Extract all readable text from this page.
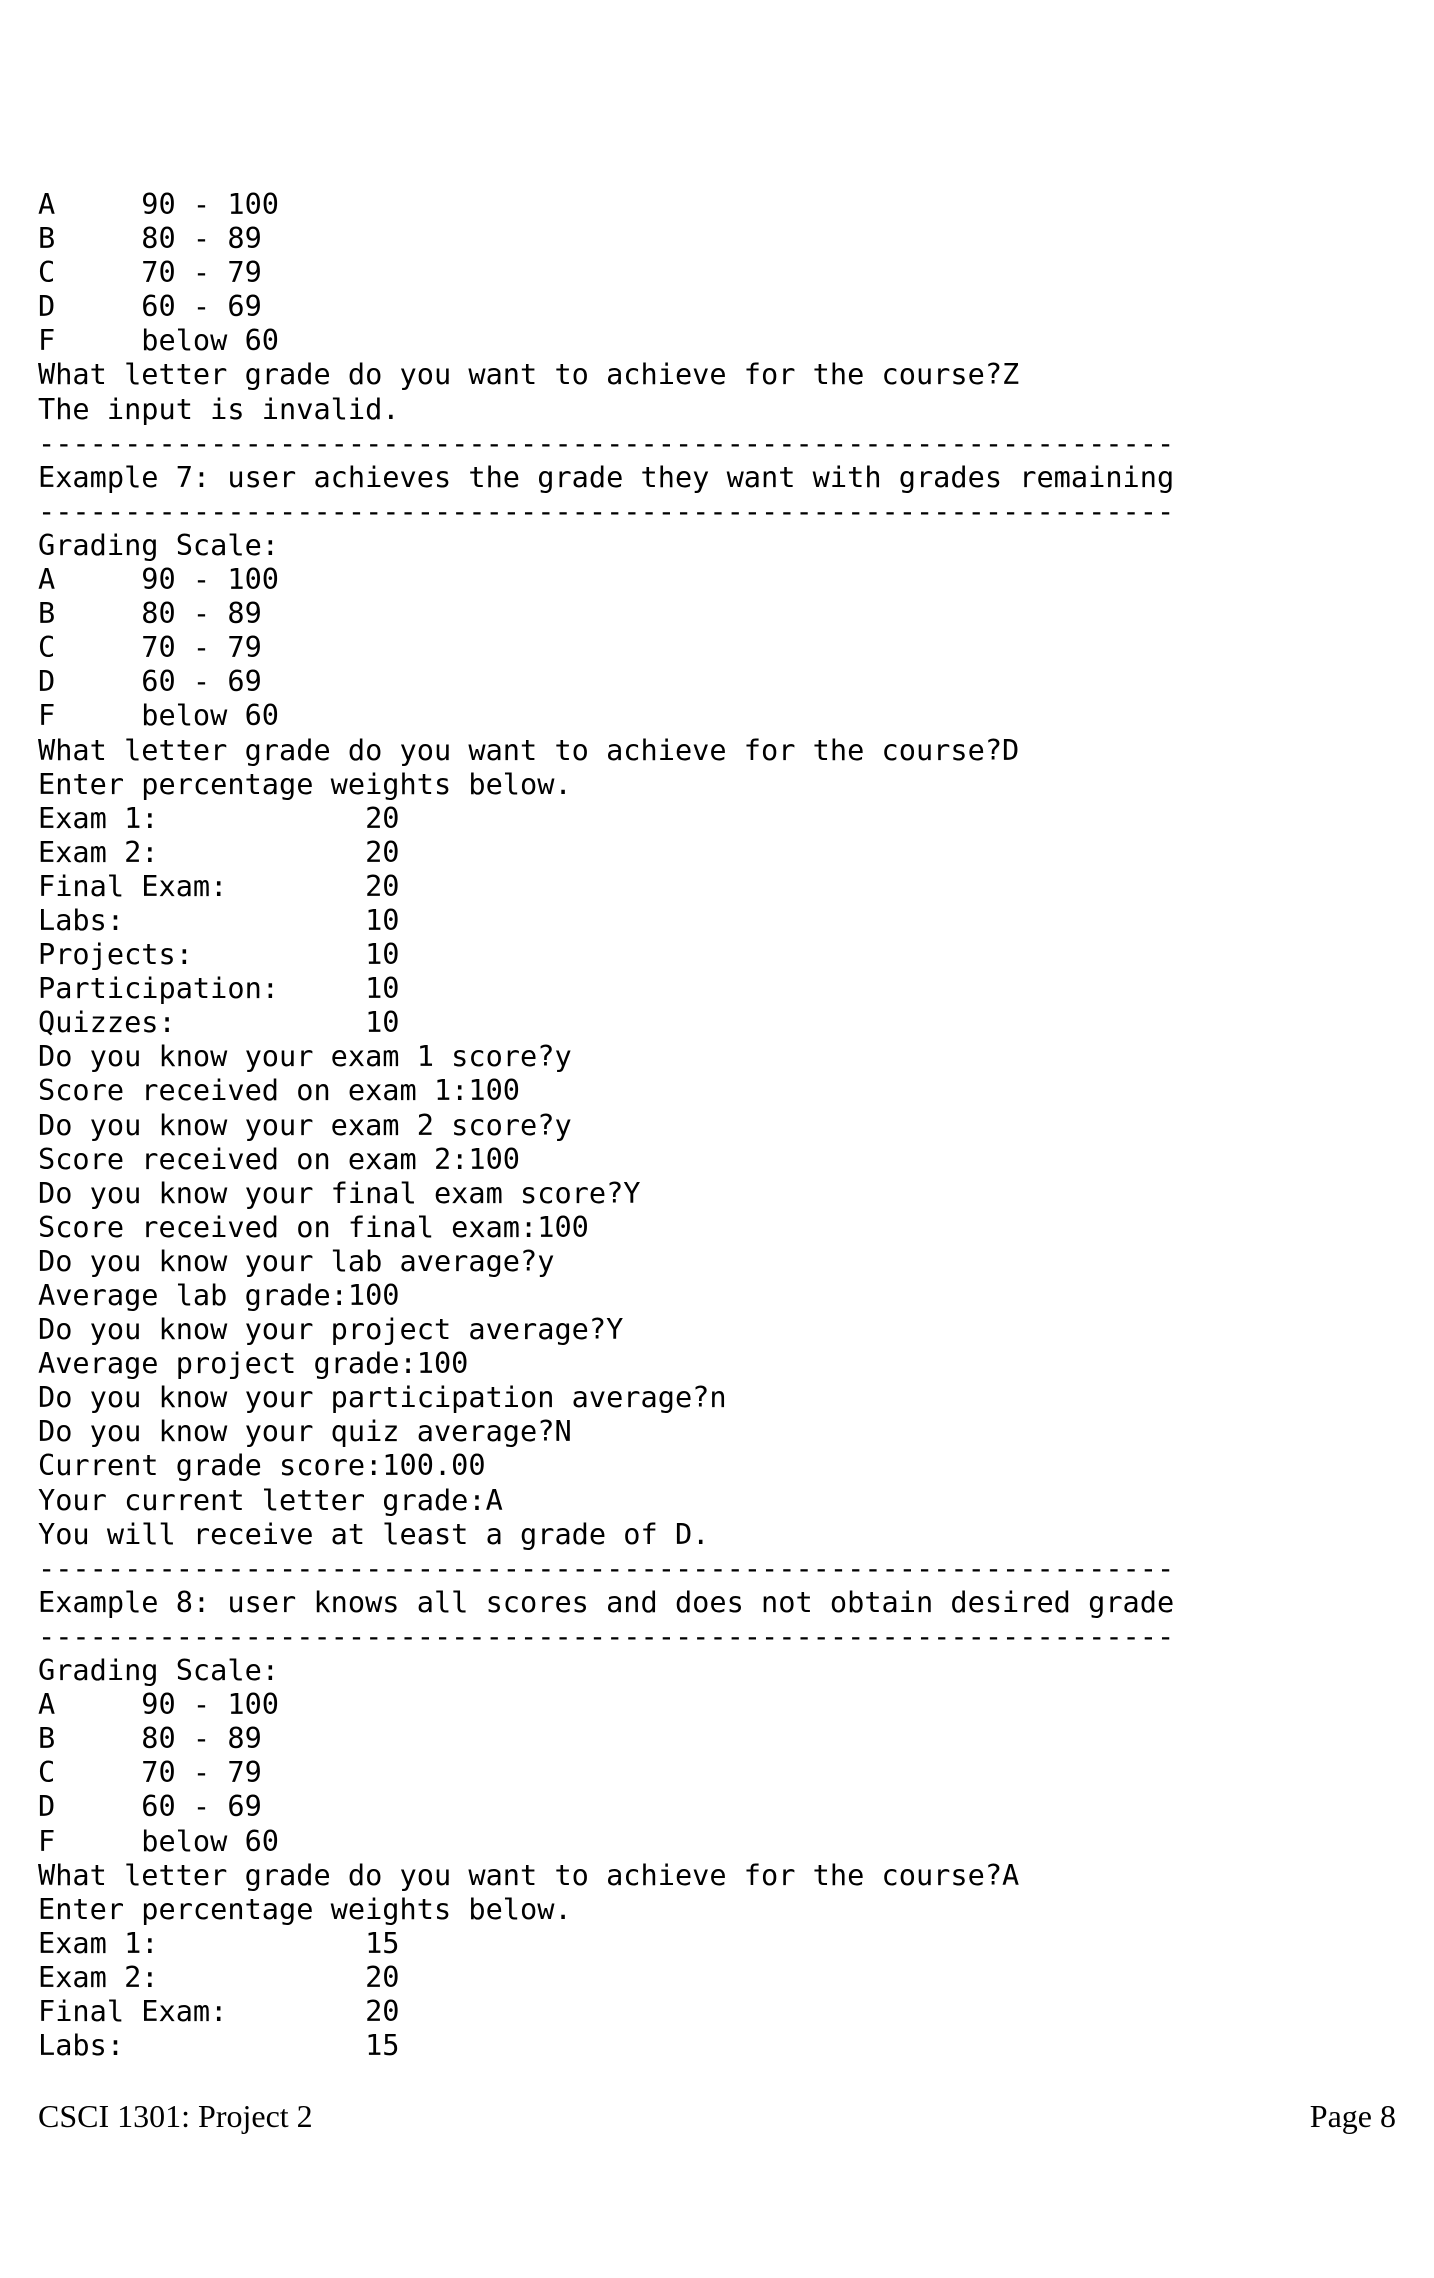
A     90 - 100
B     80 - 89
C     70 - 79
D     60 - 69
F     below 60
What letter grade do you want to achieve for the course?Z
The input is invalid.
------------------------------------------------------------------
Example 7: user achieves the grade they want with grades remaining
------------------------------------------------------------------
Grading Scale:
A     90 - 100
B     80 - 89
C     70 - 79
D     60 - 69
F     below 60
What letter grade do you want to achieve for the course?D
Enter percentage weights below.
Exam 1:            20
Exam 2:            20
Final Exam:        20
Labs:              10
Projects:          10
Participation:     10
Quizzes:           10
Do you know your exam 1 score?y
Score received on exam 1:100
Do you know your exam 2 score?y
Score received on exam 2:100
Do you know your final exam score?Y
Score received on final exam:100
Do you know your lab average?y
Average lab grade:100
Do you know your project average?Y
Average project grade:100
Do you know your participation average?n
Do you know your quiz average?N
Current grade score:100.00
Your current letter grade:A
You will receive at least a grade of D.
------------------------------------------------------------------
Example 8: user knows all scores and does not obtain desired grade
------------------------------------------------------------------
Grading Scale:
A     90 - 100
B     80 - 89
C     70 - 79
D     60 - 69
F     below 60
What letter grade do you want to achieve for the course?A
Enter percentage weights below.
Exam 1:            15
Exam 2:            20
Final Exam:        20
Labs:              15
CSCI 1301: Project 2	Page 8
